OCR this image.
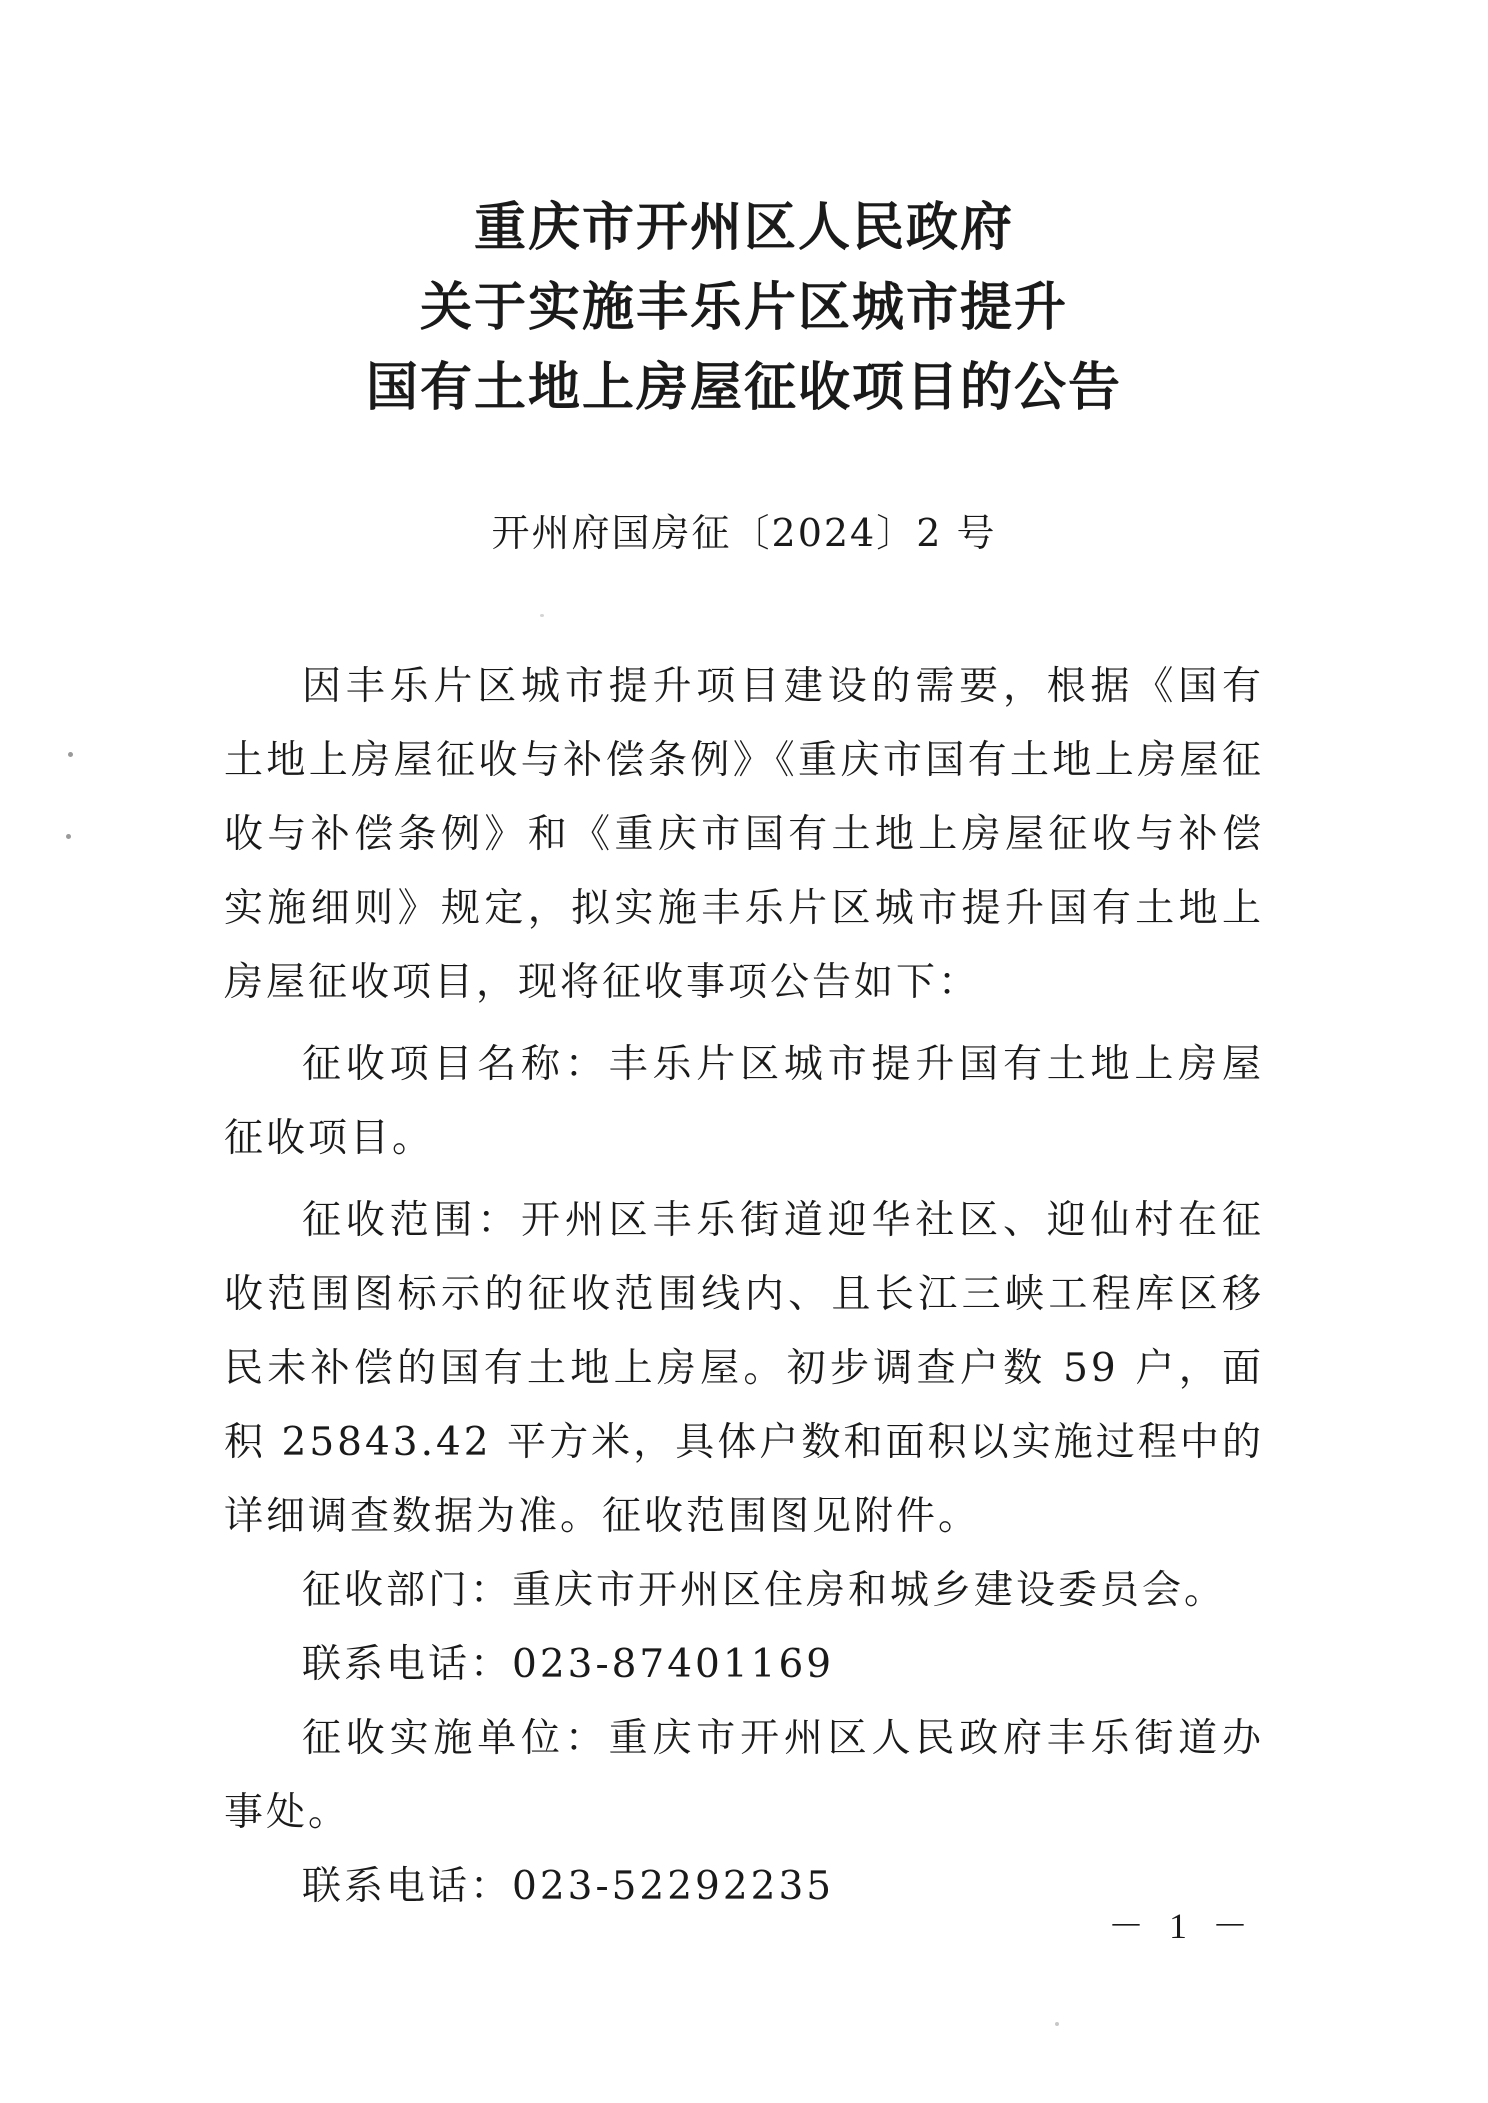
重庆市开州区人民政府
关于实施丰乐片区城市提升
国有土地上房屋征收项目的公告
开州府国房征〔2024〕2 号

因丰乐片区城市提升项目建设的需要，根据《国有土地上房屋征收与补偿条例》《重庆市国有土地上房屋征收与补偿条例》和《重庆市国有土地上房屋征收与补偿实施细则》规定，拟实施丰乐片区城市提升国有土地上房屋征收项目，现将征收事项公告如下：

征收项目名称：丰乐片区城市提升国有土地上房屋征收项目。

征收范围：开州区丰乐街道迎华社区、迎仙村在征收范围图标示的征收范围线内、且长江三峡工程库区移民未补偿的国有土地上房屋。初步调查户数 59 户，面积 25843.42 平方米，具体户数和面积以实施过程中的详细调查数据为准。征收范围图见附件。

征收部门：重庆市开州区住房和城乡建设委员会。

联系电话：023-87401169

征收实施单位：重庆市开州区人民政府丰乐街道办事处。

联系电话：023-52292235

－ 1 －
